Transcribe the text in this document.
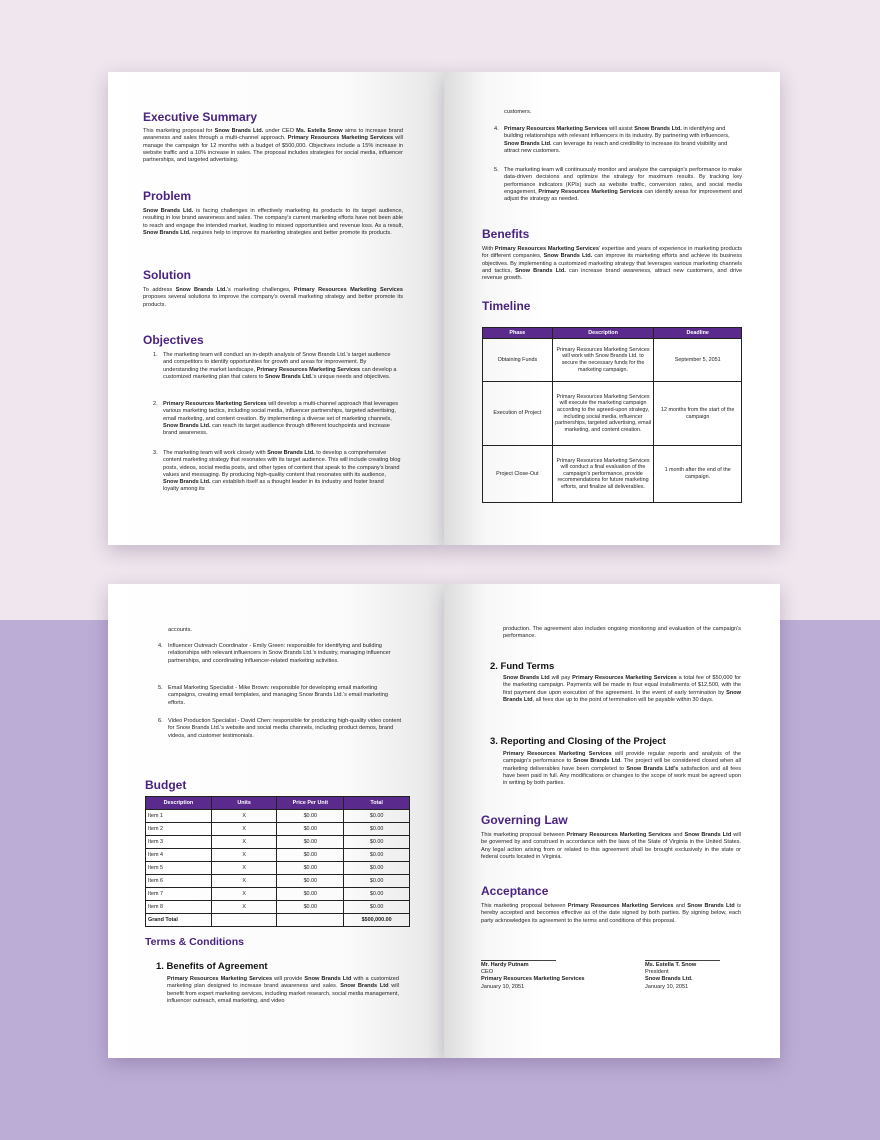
Executive Summary
This marketing proposal for Snow Brands Ltd. under CEO Ms. Estella Snow aims to increase brand awareness and sales through a multi-channel approach. Primary Resources Marketing Services will manage the campaign for 12 months with a budget of $500,000. Objectives include a 15% increase in website traffic and a 10% increase in sales. The proposal includes strategies for social media, influencer partnerships, and targeted advertising.
Problem
Snow Brands Ltd. is facing challenges in effectively marketing its products to its target audience, resulting in low brand awareness and sales. The company's current marketing efforts have not been able to reach and engage the intended market, leading to missed opportunities and revenue loss. As a result, Snow Brands Ltd. requires help to improve its marketing strategies and better promote its products.
Solution
To address Snow Brands Ltd.'s marketing challenges, Primary Resources Marketing Services proposes several solutions to improve the company's overall marketing strategy and better promote its products.
Objectives
1. The marketing team will conduct an in-depth analysis of Snow Brands Ltd.'s target audience and competitors to identify opportunities for growth and areas for improvement. By understanding the market landscape, Primary Resources Marketing Services can develop a customized marketing plan that caters to Snow Brands Ltd.'s unique needs and objectives.
2. Primary Resources Marketing Services will develop a multi-channel approach that leverages various marketing tactics, including social media, influencer partnerships, targeted advertising, email marketing, and content creation. By implementing a diverse set of marketing channels, Snow Brands Ltd. can reach its target audience through different touchpoints and increase brand awareness.
3. The marketing team will work closely with Snow Brands Ltd. to develop a comprehensive content marketing strategy that resonates with its target audience. This will include creating blog posts, videos, social media posts, and other types of content that speak to the company's brand values and messaging. By producing high-quality content that resonates with its audience, Snow Brands Ltd. can establish itself as a thought leader in its industry and foster brand loyalty among its
customers.
4. Primary Resources Marketing Services will assist Snow Brands Ltd. in identifying and building relationships with relevant influencers in its industry. By partnering with influencers, Snow Brands Ltd. can leverage its reach and credibility to increase its brand visibility and attract new customers.
5. The marketing team will continuously monitor and analyze the campaign's performance to make data-driven decisions and optimize the strategy for maximum results. By tracking key performance indicators (KPIs) such as website traffic, conversion rates, and social media engagement, Primary Resources Marketing Services can identify areas for improvement and adjust the strategy as needed.
Benefits
With Primary Resources Marketing Services' expertise and years of experience in marketing products for different companies, Snow Brands Ltd. can improve its marketing efforts and achieve its business objectives. By implementing a customized marketing strategy that leverages various marketing channels and tactics, Snow Brands Ltd. can increase brand awareness, attract new customers, and drive revenue growth.
Timeline
Phase	Description	Deadline
Obtaining Funds	Primary Resources Marketing Services will work with Snow Brands Ltd. to secure the necessary funds for the marketing campaign.	September 5, 2051
Execution of Project	Primary Resources Marketing Services will execute the marketing campaign according to the agreed-upon strategy, including social media, influencer partnerships, targeted advertising, email marketing, and content creation.	12 months from the start of the campaign
Project Close-Out	Primary Resources Marketing Services will conduct a final evaluation of the campaign's performance, provide recommendations for future marketing efforts, and finalize all deliverables.	1 month after the end of the campaign.
accounts.
4. Influencer Outreach Coordinator - Emily Green: responsible for identifying and building relationships with relevant influencers in Snow Brands Ltd.'s industry, managing influencer partnerships, and coordinating influencer-related marketing activities.
5. Email Marketing Specialist - Mike Brown: responsible for developing email marketing campaigns, creating email templates, and managing Snow Brands Ltd.'s email marketing efforts.
6. Video Production Specialist - David Chen: responsible for producing high-quality video content for Snow Brands Ltd.'s website and social media channels, including product demos, brand videos, and customer testimonials.
Budget
Description	Units	Price Per Unit	Total
Item 1	X	$0.00	$0.00
Item 2	X	$0.00	$0.00
Item 3	X	$0.00	$0.00
Item 4	X	$0.00	$0.00
Item 5	X	$0.00	$0.00
Item 6	X	$0.00	$0.00
Item 7	X	$0.00	$0.00
Item 8	X	$0.00	$0.00
Grand Total			$500,000.00
Terms & Conditions
1. Benefits of Agreement
Primary Resources Marketing Services will provide Snow Brands Ltd with a customized marketing plan designed to increase brand awareness and sales. Snow Brands Ltd will benefit from expert marketing services, including market research, social media management, influencer outreach, email marketing, and video
production. The agreement also includes ongoing monitoring and evaluation of the campaign's performance.
2. Fund Terms
Snow Brands Ltd will pay Primary Resources Marketing Services a total fee of $50,000 for the marketing campaign. Payments will be made in four equal installments of $12,500, with the first payment due upon execution of the agreement. In the event of early termination by Snow Brands Ltd, all fees due up to the point of termination will be payable within 30 days.
3. Reporting and Closing of the Project
Primary Resources Marketing Services will provide regular reports and analysis of the campaign's performance to Snow Brands Ltd. The project will be considered closed when all marketing deliverables have been completed to Snow Brands Ltd's satisfaction and all fees have been paid in full. Any modifications or changes to the scope of work must be agreed upon in writing by both parties.
Governing Law
This marketing proposal between Primary Resources Marketing Services and Snow Brands Ltd will be governed by and construed in accordance with the laws of the State of Virginia in the United States. Any legal action arising from or related to this agreement shall be brought exclusively in the state or federal courts located in Virginia.
Acceptance
This marketing proposal between Primary Resources Marketing Services and Snow Brands Ltd is hereby accepted and becomes effective as of the date signed by both parties. By signing below, each party acknowledges its agreement to the terms and conditions of this proposal.
Mr. Hardy Putnam
CEO
Primary Resources Marketing Services
January 10, 2051
Ms. Estella T. Snow
President
Snow Brands Ltd.
January 10, 2051
